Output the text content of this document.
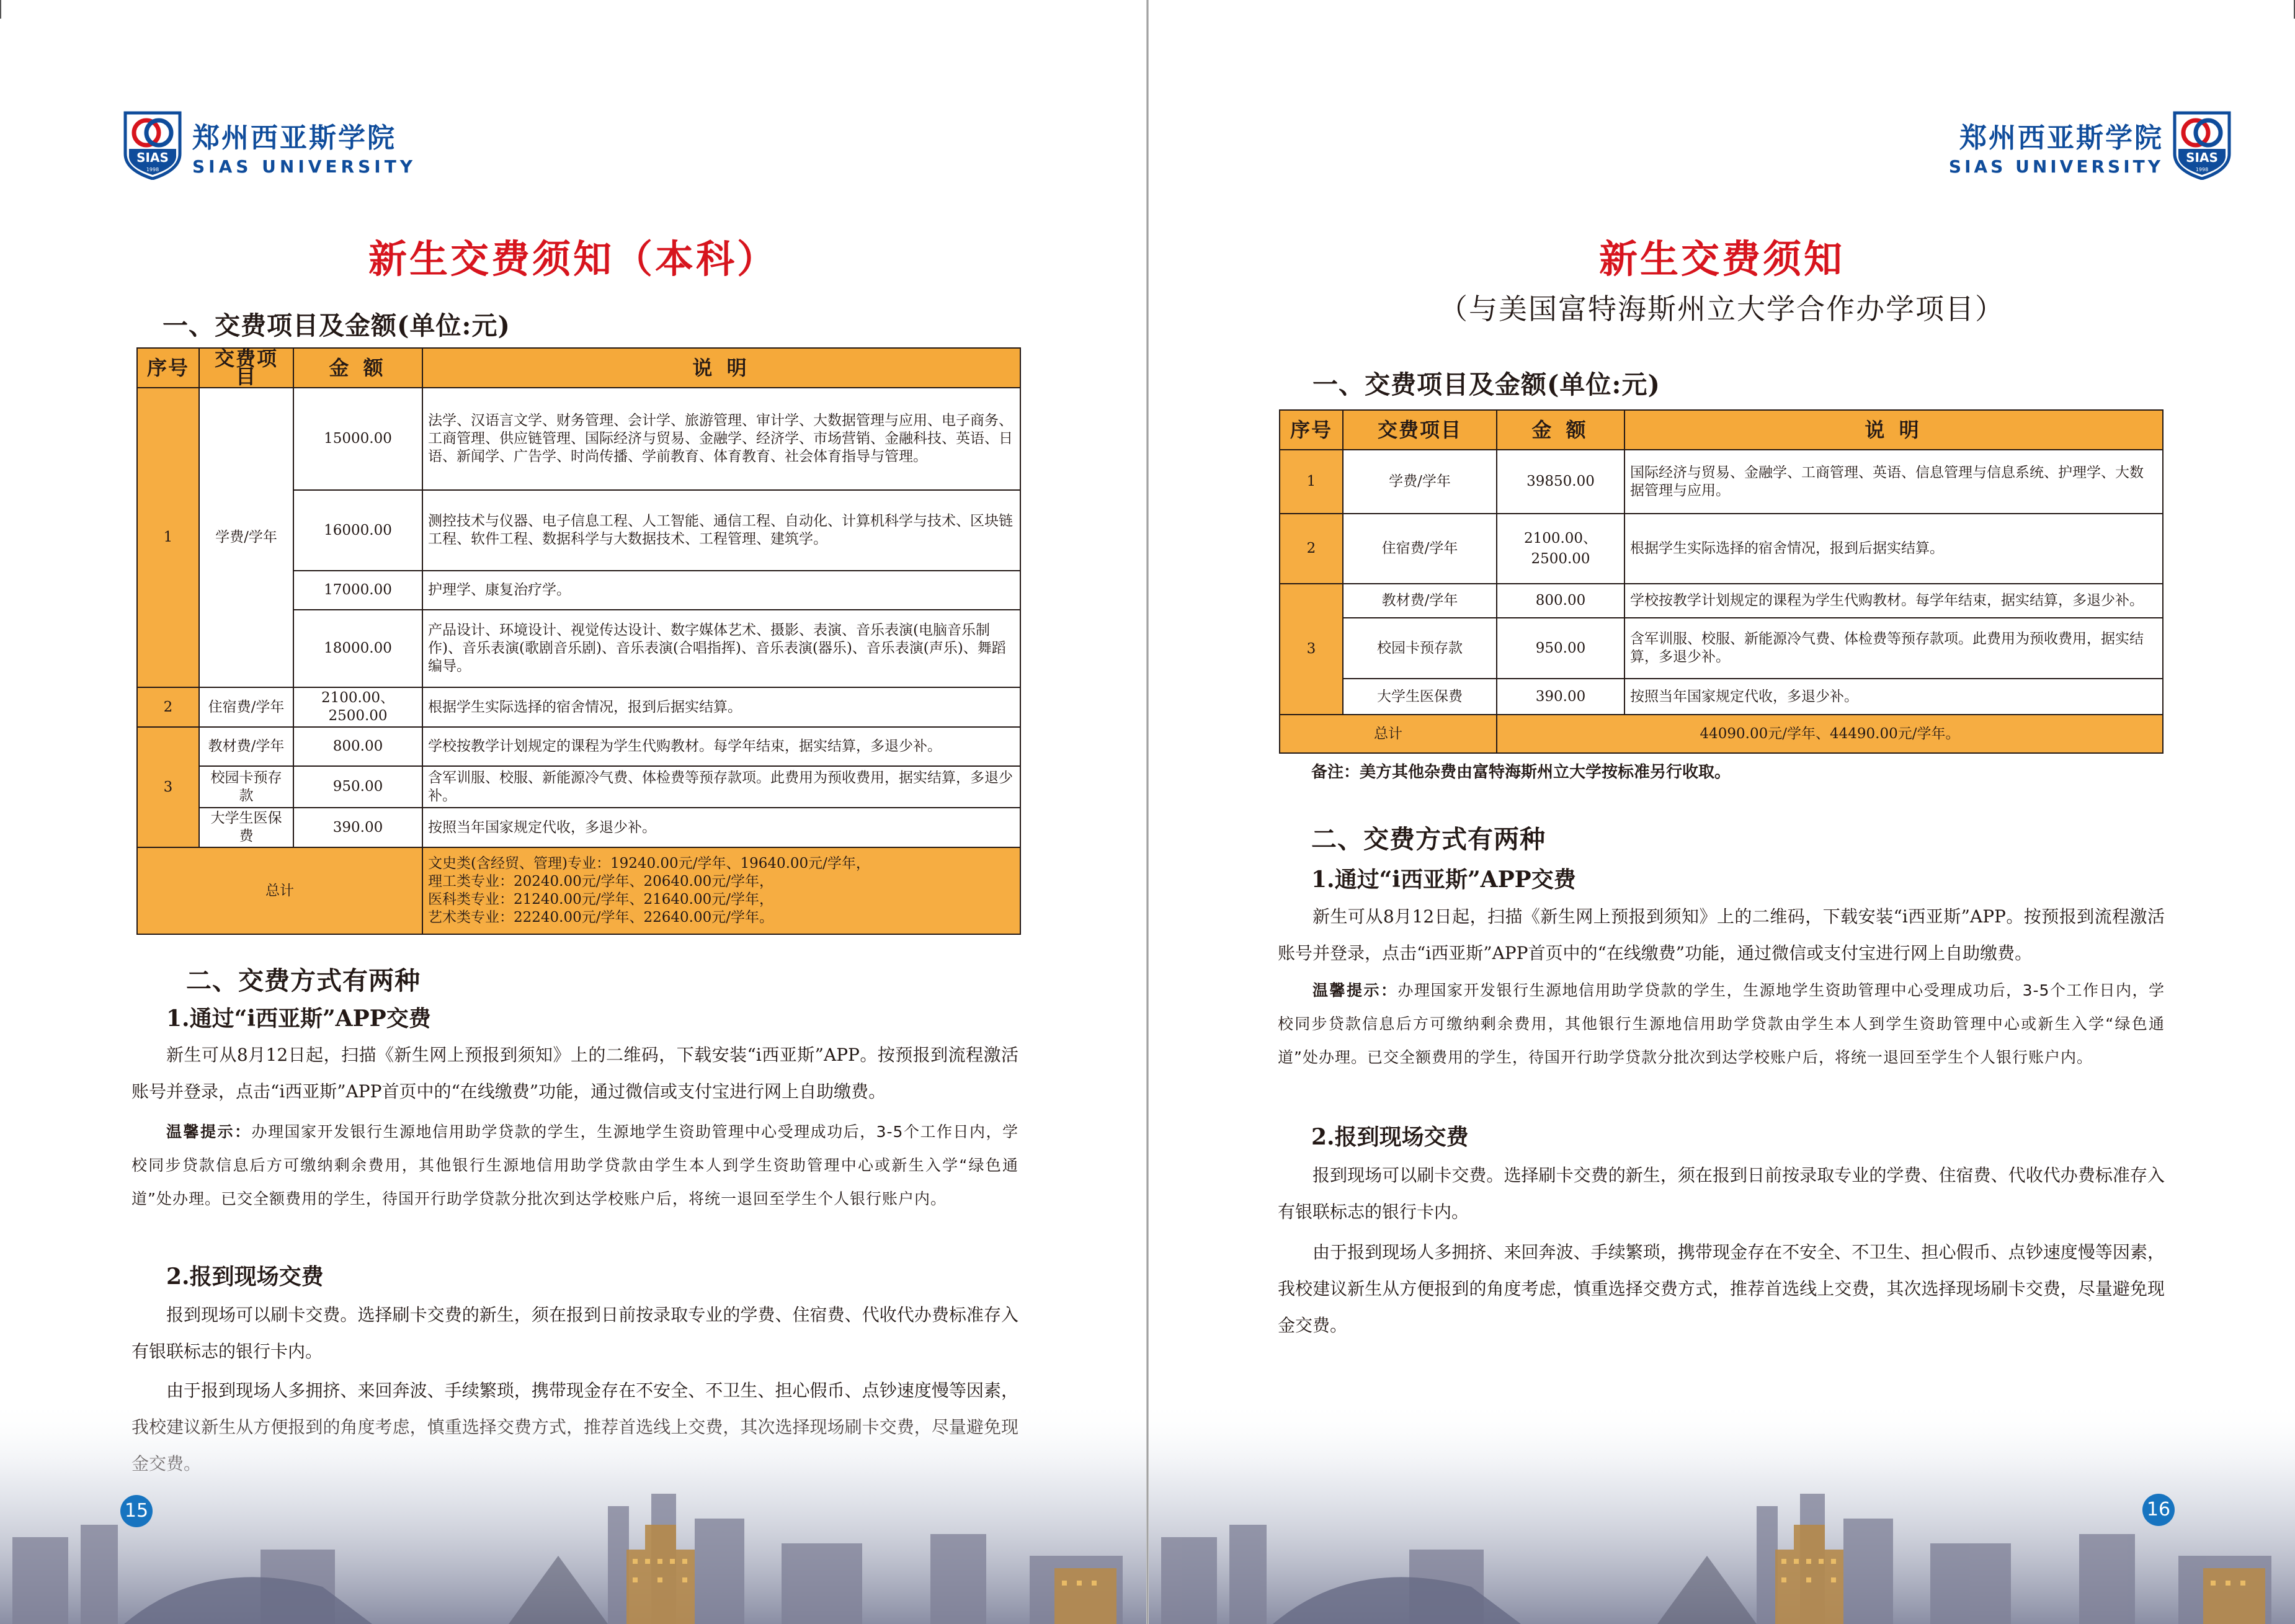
SIAS
1998
郑州西亚斯学院
SIAS UNIVERSITY
新生交费须知（本科）
一、交费项目及金额(单位:元)
序号	交费项目	金 额	说 明
1	学费/学年	15000.00	法学、汉语言文学、财务管理、会计学、旅游管理、审计学、大数据管理与应用、电子商务、工商管理、供应链管理、国际经济与贸易、金融学、经济学、市场营销、金融科技、英语、日语、新闻学、广告学、时尚传播、学前教育、体育教育、社会体育指导与管理。
		16000.00	测控技术与仪器、电子信息工程、人工智能、通信工程、自动化、计算机科学与技术、区块链工程、软件工程、数据科学与大数据技术、工程管理、建筑学。
		17000.00	护理学、康复治疗学。
		18000.00	产品设计、环境设计、视觉传达设计、数字媒体艺术、摄影、表演、音乐表演(电脑音乐制作)、音乐表演(歌剧音乐剧)、音乐表演(合唱指挥)、音乐表演(器乐)、音乐表演(声乐)、舞蹈编导。
2	住宿费/学年	2100.00、2500.00	根据学生实际选择的宿舍情况，报到后据实结算。
3	教材费/学年	800.00	学校按教学计划规定的课程为学生代购教材。每学年结束，据实结算，多退少补。
	校园卡预存款	950.00	含军训服、校服、新能源冷气费、体检费等预存款项。此费用为预收费用，据实结算，多退少补。
	大学生医保费	390.00	按照当年国家规定代收，多退少补。
总计			文史类(含经贸、管理)专业：19240.00元/学年、19640.00元/学年，
理工类专业：20240.00元/学年、20640.00元/学年，
医科类专业：21240.00元/学年、21640.00元/学年，
艺术类专业：22240.00元/学年、22640.00元/学年。
二、交费方式有两种
1.通过“i西亚斯”APP交费

新生可从8月12日起，扫描《新生网上预报到须知》上的二维码，下载安装“i西亚斯”APP。按预报到流程激活账号并登录，点击“i西亚斯”APP首页中的“在线缴费”功能，通过微信或支付宝进行网上自助缴费。

温馨提示：办理国家开发银行生源地信用助学贷款的学生，生源地学生资助管理中心受理成功后，3-5个工作日内，学校同步贷款信息后方可缴纳剩余费用，其他银行生源地信用助学贷款由学生本人到学生资助管理中心或新生入学“绿色通道”处办理。已交全额费用的学生，待国开行助学贷款分批次到达学校账户后，将统一退回至学生个人银行账户内。

2.报到现场交费

报到现场可以刷卡交费。选择刷卡交费的新生，须在报到日前按录取专业的学费、住宿费、代收代办费标准存入有银联标志的银行卡内。

由于报到现场人多拥挤、来回奔波、手续繁琐，携带现金存在不安全、不卫生、担心假币、点钞速度慢等因素，

15
郑州西亚斯学院
SIAS UNIVERSITY SIAS
1998
新生交费须知
（与美国富特海斯州立大学合作办学项目）
一、交费项目及金额(单位:元)
序号	交费项目	金 额	说 明
1	学费/学年	39850.00	国际经济与贸易、金融学、工商管理、英语、信息管理与信息系统、护理学、大数据管理与应用。
2	住宿费/学年	2100.00、2500.00	根据学生实际选择的宿舍情况，报到后据实结算。
3	教材费/学年	800.00	学校按教学计划规定的课程为学生代购教材。每学年结束，据实结算，多退少补。
	校园卡预存款	950.00	含军训服、校服、新能源冷气费、体检费等预存款项。此费用为预收费用，据实结算，多退少补。
	大学生医保费	390.00	按照当年国家规定代收，多退少补。
总计		44090.00元/学年、44490.00元/学年。	
备注：美方其他杂费由富特海斯州立大学按标准另行收取。
二、交费方式有两种
1.通过“i西亚斯”APP交费

新生可从8月12日起，扫描《新生网上预报到须知》上的二维码，下载安装“i西亚斯”APP。按预报到流程激活账号并登录，点击“i西亚斯”APP首页中的“在线缴费”功能，通过微信或支付宝进行网上自助缴费。

温馨提示：办理国家开发银行生源地信用助学贷款的学生，生源地学生资助管理中心受理成功后，3-5个工作日内，学校同步贷款信息后方可缴纳剩余费用，其他银行生源地信用助学贷款由学生本人到学生资助管理中心或新生入学“绿色通道”处办理。已交全额费用的学生，待国开行助学贷款分批次到达学校账户后，将统一退回至学生个人银行账户内。

2.报到现场交费

报到现场可以刷卡交费。选择刷卡交费的新生，须在报到日前按录取专业的学费、住宿费、代收代办费标准存入有银联标志的银行卡内。

由于报到现场人多拥挤、来回奔波、手续繁琐，携带现金存在不安全、不卫生、担心假币、点钞速度慢等因素，我校建议新生从方便报到的角度考虑，慎重选择交费方式，推荐首选线上交费，其次选择现场刷卡交费，尽量避免现金交费。

16
